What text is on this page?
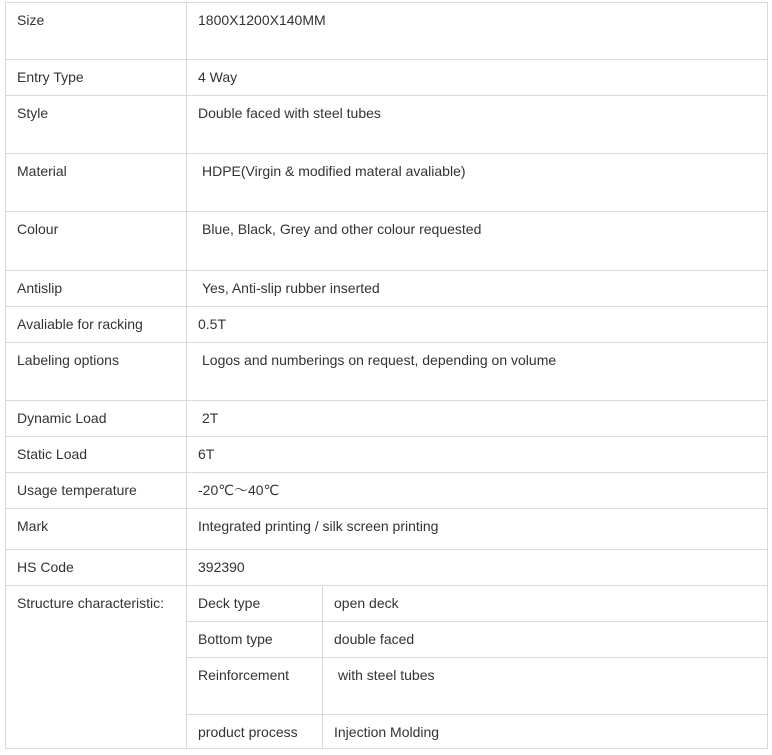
Size	1800X1200X140MM	
Entry Type	4 Way	
Style	Double faced with steel tubes	
Material	HDPE(Virgin & modified materal avaliable)	
Colour	Blue, Black, Grey and other colour requested	
Antislip	Yes, Anti-slip rubber inserted	
Avaliable for racking	0.5T	
Labeling options	Logos and numberings on request, depending on volume	
Dynamic Load	2T	
Static Load	6T	
Usage temperature	-20℃～40℃	
Mark	Integrated printing / silk screen printing	
HS Code	392390	
Structure characteristic:	Deck type	open deck
	Bottom type	double faced
	Reinforcement	with steel tubes
	product process	Injection Molding
